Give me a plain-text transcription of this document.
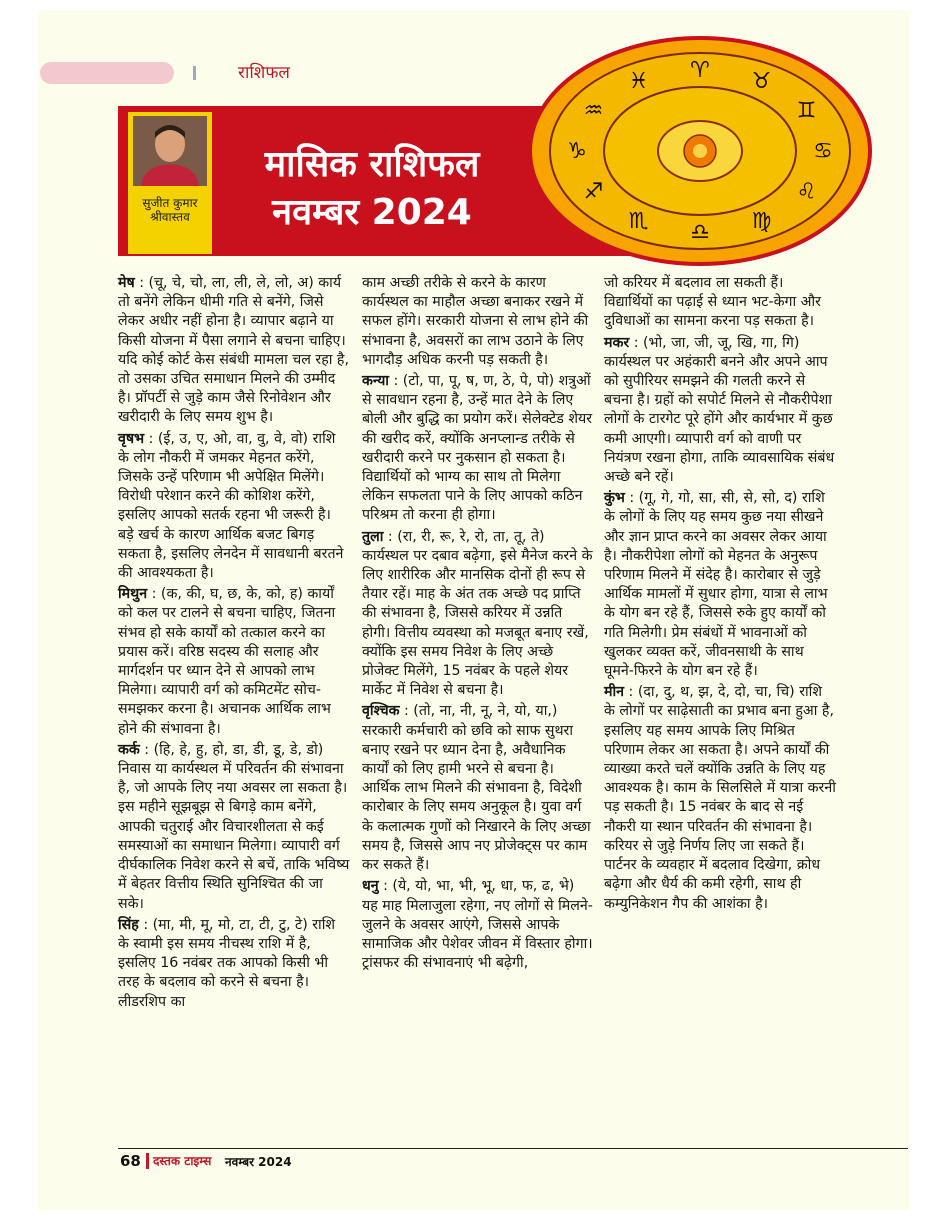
राशिफल
सुजीत कुमार श्रीवास्तव
मासिक राशिफल
नवम्बर 2024
♈ ♉
♊
♋
♌
♍
♎
♏
♐
♑
♒
♓

मेष : (चू, चे, चो, ला, ली, ले, लो, अ) कार्य तो बनेंगे लेकिन धीमी गति से बनेंगे, जिसे लेकर अधीर नहीं होना है। व्यापार बढ़ाने या किसी योजना में पैसा लगाने से बचना चाहिए। यदि कोई कोर्ट केस संबंधी मामला चल रहा है, तो उसका उचित समाधान मिलने की उम्मीद है। प्रॉपर्टी से जुड़े काम जैसे रिनोवेशन और खरीदारी के लिए समय शुभ है।

वृषभ : (ई, उ, ए, ओ, वा, वु, वे, वो) राशि के लोग नौकरी में जमकर मेहनत करेंगे, जिसके उन्हें परिणाम भी अपेक्षित मिलेंगे। विरोधी परेशान करने की कोशिश करेंगे, इसलिए आपको सतर्क रहना भी जरूरी है। बड़े खर्च के कारण आर्थिक बजट बिगड़ सकता है, इसलिए लेनदेन में सावधानी बरतने की आवश्यकता है।

मिथुन : (क, की, घ, छ, के, को, ह) कार्यों को कल पर टालने से बचना चाहिए, जितना संभव हो सके कार्यों को तत्काल करने का प्रयास करें। वरिष्ठ सदस्य की सलाह और मार्गदर्शन पर ध्यान देने से आपको लाभ मिलेगा। व्यापारी वर्ग को कमिटमेंट सोच-समझकर करना है। अचानक आर्थिक लाभ होने की संभावना है।

कर्क : (हि, हे, हु, हो, डा, डी, डू, डे, डो) निवास या कार्यस्थल में परिवर्तन की संभावना है, जो आपके लिए नया अवसर ला सकता है। इस महीने सूझबूझ से बिगड़े काम बनेंगे, आपकी चतुराई और विचारशीलता से कई समस्याओं का समाधान मिलेगा। व्यापारी वर्ग दीर्घकालिक निवेश करने से बचें, ताकि भविष्य में बेहतर वित्तीय स्थिति सुनिश्चित की जा सके।

सिंह : (मा, मी, मू, मो, टा, टी, टु, टे) राशि के स्वामी इस समय नीचस्थ राशि में है, इसलिए 16 नवंबर तक आपको किसी भी तरह के बदलाव को करने से बचना है। लीडरशिप का

काम अच्छी तरीके से करने के कारण कार्यस्थल का माहौल अच्छा बनाकर रखने में सफल होंगे। सरकारी योजना से लाभ होने की संभावना है, अवसरों का लाभ उठाने के लिए भागदौड़ अधिक करनी पड़ सकती है।

कन्या : (टो, पा, पू, ष, ण, ठे, पे, पो) शत्रुओं से सावधान रहना है, उन्हें मात देने के लिए बोली और बुद्धि का प्रयोग करें। सेलेक्टेड शेयर की खरीद करें, क्योंकि अनप्लान्ड तरीके से खरीदारी करने पर नुकसान हो सकता है। विद्यार्थियों को भाग्य का साथ तो मिलेगा लेकिन सफलता पाने के लिए आपको कठिन परिश्रम तो करना ही होगा।

तुला : (रा, री, रू, रे, रो, ता, तू, ते) कार्यस्थल पर दबाव बढ़ेगा, इसे मैनेज करने के लिए शारीरिक और मानसिक दोनों ही रूप से तैयार रहें। माह के अंत तक अच्छे पद प्राप्ति की संभावना है, जिससे करियर में उन्नति होगी। वित्तीय व्यवस्था को मजबूत बनाए रखें, क्योंकि इस समय निवेश के लिए अच्छे प्रोजेक्ट मिलेंगे, 15 नवंबर के पहले शेयर मार्केट में निवेश से बचना है।

वृश्चिक : (तो, ना, नी, नू, ने, यो, या,) सरकारी कर्मचारी को छवि को साफ सुथरा बनाए रखने पर ध्यान देना है, अवैधानिक कार्यों को लिए हामी भरने से बचना है। आर्थिक लाभ मिलने की संभावना है, विदेशी कारोबार के लिए समय अनुकूल है। युवा वर्ग के कलात्मक गुणों को निखारने के लिए अच्छा समय है, जिससे आप नए प्रोजेक्ट्स पर काम कर सकते हैं।

धनु : (ये, यो, भा, भी, भू, धा, फ, ढ, भे) यह माह मिलाजुला रहेगा, नए लोगों से मिलने-जुलने के अवसर आएंगे, जिससे आपके सामाजिक और पेशेवर जीवन में विस्तार होगा। ट्रांसफर की संभावनाएं भी बढ़ेगी,

जो करियर में बदलाव ला सकती हैं। विद्यार्थियों का पढ़ाई से ध्यान भट-केगा और दुविधाओं का सामना करना पड़ सकता है।

मकर : (भो, जा, जी, जू, खि, गा, गि) कार्यस्थल पर अहंकारी बनने और अपने आप को सुपीरियर समझने की गलती करने से बचना है। ग्रहों को सपोर्ट मिलने से नौकरीपेशा लोगों के टारगेट पूरे होंगे और कार्यभार में कुछ कमी आएगी। व्यापारी वर्ग को वाणी पर नियंत्रण रखना होगा, ताकि व्यावसायिक संबंध अच्छे बने रहें।

कुंभ : (गू, गे, गो, सा, सी, से, सो, द) राशि के लोगों के लिए यह समय कुछ नया सीखने और ज्ञान प्राप्त करने का अवसर लेकर आया है। नौकरीपेशा लोगों को मेहनत के अनुरूप परिणाम मिलने में संदेह है। कारोबार से जुड़े आर्थिक मामलों में सुधार होगा, यात्रा से लाभ के योग बन रहे हैं, जिससे रुके हुए कार्यों को गति मिलेगी। प्रेम संबंधों में भावनाओं को खुलकर व्यक्त करें, जीवनसाथी के साथ घूमने-फिरने के योग बन रहे हैं।

मीन : (दा, दु, थ, झ, दे, दो, चा, चि) राशि के लोगों पर साढ़ेसाती का प्रभाव बना हुआ है, इसलिए यह समय आपके लिए मिश्रित परिणाम लेकर आ सकता है। अपने कार्यों की व्याख्या करते चलें क्योंकि उन्नति के लिए यह आवश्यक है। काम के सिलसिले में यात्रा करनी पड़ सकती है। 15 नवंबर के बाद से नई नौकरी या स्थान परिवर्तन की संभावना है। करियर से जुड़े निर्णय लिए जा सकते हैं। पार्टनर के व्यवहार में बदलाव दिखेगा, क्रोध बढ़ेगा और धैर्य की कमी रहेगी, साथ ही कम्युनिकेशन गैप की आशंका है।

68 दस्तक टाइम्स नवम्बर 2024
